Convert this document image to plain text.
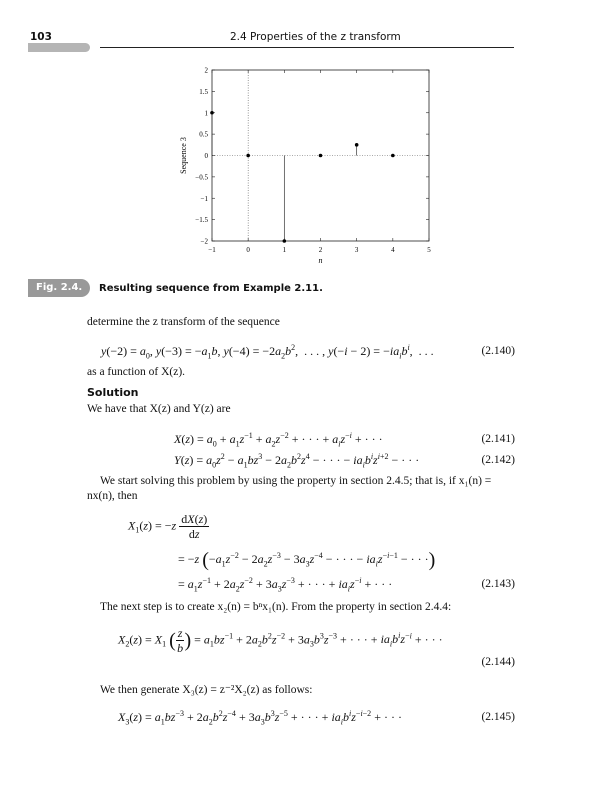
103	2.4 Properties of the z transform
−1	0	1	2	3	4	5
−2
−1.5
−1
−0.5
0
0.5
1
1.5
2
n
Sequence 3
Fig. 2.4.	Resulting sequence from Example 2.11.
determine the z transform of the sequence
$y(-2) = a_0$, $y(-3) = -a_1b$, $y(-4) = -2a_2b^2$,  . . . , $y(-i - 2) = -ia_ib^i$,  . . .	(2.140)
as a function of X(z).
Solution
We have that X(z) and Y(z) are
$X(z) = a_0 + a_1z^{-1} + a_2z^{-2}$ + · · · + $a_iz^{-i}$ + · · ·	(2.141)
$Y(z) = a_0z^2 - a_1bz^3 - 2a_2b^2z^4$ − · · · − $ia_ib^iz^{i+2}$ − · · ·	(2.142)
We start solving this problem by using the property in section 2.4.5; that is, if x₁(n) =
nx(n), then
$X_1(z) = -z \frac{dX(z)}{dz}$
= −z ($-a_1z^{-2} - 2a_2z^{-3} - 3a_3z^{-4}$ − · · · − $ia_iz^{-i-1}$ − · · ·)
= $a_1z^{-1} + 2a_2z^{-2} + 3a_3z^{-3}$ + · · · + $ia_iz^{-i}$ + · · ·	(2.143)
The next step is to create x₂(n) = bⁿx₁(n). From the property in section 2.4.4:
$X_2(z) = X_1$ ( $\frac{z}{b}$ ) = $a_1bz^{-1} + 2a_2b^2z^{-2} + 3a_3b^3z^{-3}$ + · · · + $ia_ib^iz^{-i}$ + · · ·
(2.144)
We then generate X₃(z) = z⁻²X₂(z) as follows:
$X_3(z) = a_1bz^{-3} + 2a_2b^2z^{-4} + 3a_3b^3z^{-5}$ + · · · + $ia_ib^iz^{-i-2}$ + · · ·	(2.145)
